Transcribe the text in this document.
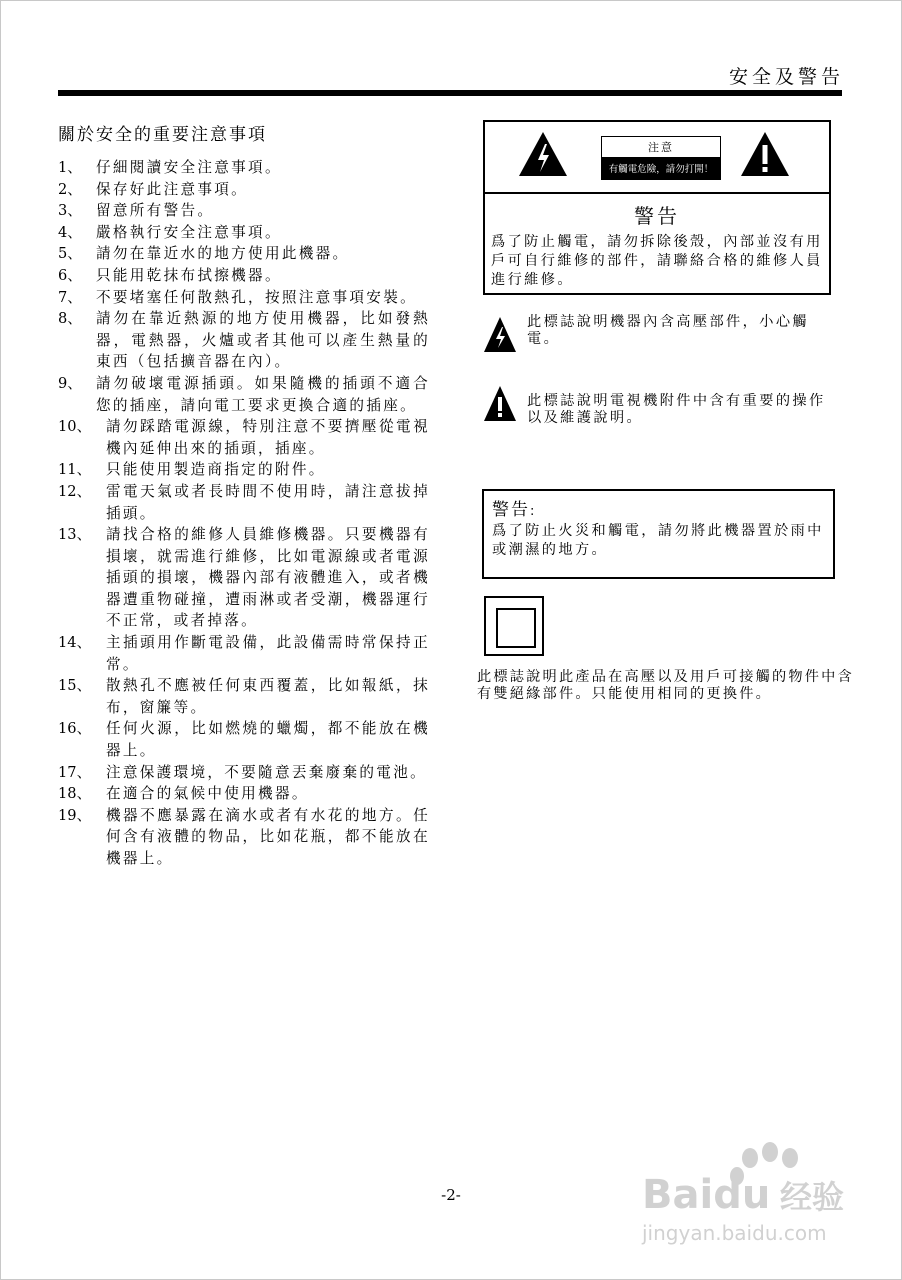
安全及警告
關於安全的重要注意事項
1、 仔細閱讀安全注意事項。
2、 保存好此注意事項。
3、 留意所有警告。
4、 嚴格執行安全注意事項。
5、 請勿在靠近水的地方使用此機器。
6、 只能用乾抹布拭擦機器。
7、 不要堵塞任何散熱孔，按照注意事項安裝。
8、 請勿在靠近熱源的地方使用機器，比如發熱器，電熱器，火爐或者其他可以產生熱量的東西（包括擴音器在內）。
9、 請勿破壞電源插頭。如果隨機的插頭不適合您的插座，請向電工要求更換合適的插座。
10、	請勿踩踏電源線，特別注意不要擠壓從電視機內延伸出來的插頭，插座。
11、	只能使用製造商指定的附件。
12、	雷電天氣或者長時間不使用時，請注意拔掉插頭。
13、	請找合格的維修人員維修機器。只要機器有損壞，就需進行維修，比如電源線或者電源插頭的損壞，機器內部有液體進入，或者機器遭重物碰撞，遭雨淋或者受潮，機器運行不正常，或者掉落。
14、	主插頭用作斷電設備，此設備需時常保持正常。
15、	散熱孔不應被任何東西覆蓋，比如報紙，抹布，窗簾等。
16、	任何火源，比如燃燒的蠟燭，都不能放在機器上。
17、	注意保護環境，不要隨意丟棄廢棄的電池。
18、	在適合的氣候中使用機器。
19、	機器不應暴露在滴水或者有水花的地方。任何含有液體的物品，比如花瓶，都不能放在機器上。
注意
有觸電危險，請勿打開！
警告
爲了防止觸電，請勿拆除後殼，內部並沒有用戶可自行維修的部件，請聯絡合格的維修人員進行維修。
此標誌說明機器內含高壓部件，小心觸電。
此標誌說明電視機附件中含有重要的操作以及維護說明。
警告:
爲了防止火災和觸電，請勿將此機器置於雨中或潮濕的地方。
此標誌說明此產品在高壓以及用戶可接觸的物件中含有雙絕緣部件。只能使用相同的更換件。
-2-	Baidu 经验
jingyan.baidu.com
